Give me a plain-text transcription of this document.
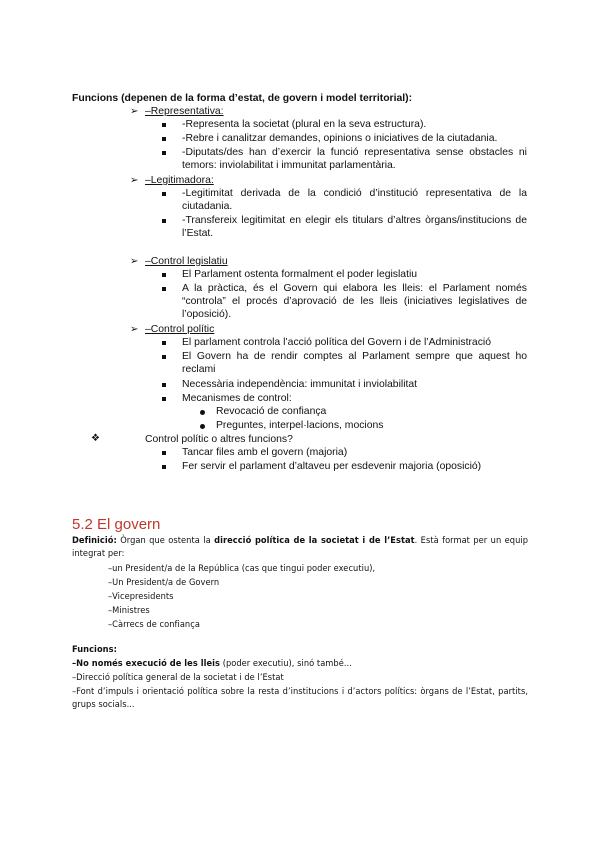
Funcions (depenen de la forma d’estat, de govern i model territorial):
➢ –Representativa:
-Representa la societat (plural en la seva estructura).
-Rebre i canalitzar demandes, opinions o iniciatives de la ciutadania.
-Diputats/des han d’exercir la funció representativa sense obstacles ni temors: inviolabilitat i immunitat parlamentària.
➢ –Legitimadora:
-Legitimitat derivada de la condició d’institució representativa de la ciutadania.
-Transfereix legitimitat en elegir els titulars d’altres òrgans/institucions de l’Estat.
➢ –Control legislatiu
El Parlament ostenta formalment el poder legislatiu
A la pràctica, és el Govern qui elabora les lleis: el Parlament només “controla” el procés d’aprovació de les lleis (iniciatives legislatives de l’oposició).
➢ –Control polític
El parlament controla l’acció política del Govern i de l’Administració
El Govern ha de rendir comptes al Parlament sempre que aquest ho reclami
Necessària independència: immunitat i inviolabilitat
Mecanismes de control:
Revocació de confiança
Preguntes, interpel·lacions, mocions
❖	Control polític o altres funcions?
Tancar files amb el govern (majoria)
Fer servir el parlament d’altaveu per esdevenir majoria (oposició)
5.2 El govern
Definició: Òrgan que ostenta la direcció política de la societat i de l’Estat. Està format per un equip integrat per:
–un President/a de la República (cas que tingui poder executiu),
–Un President/a de Govern
–Vicepresidents
–Ministres
–Càrrecs de confiança
Funcions:
–No només execució de les lleis (poder executiu), sinó també...
–Direcció política general de la societat i de l’Estat
–Font d’impuls i orientació política sobre la resta d’institucions i d’actors polítics: òrgans de l’Estat, partits, grups socials...
